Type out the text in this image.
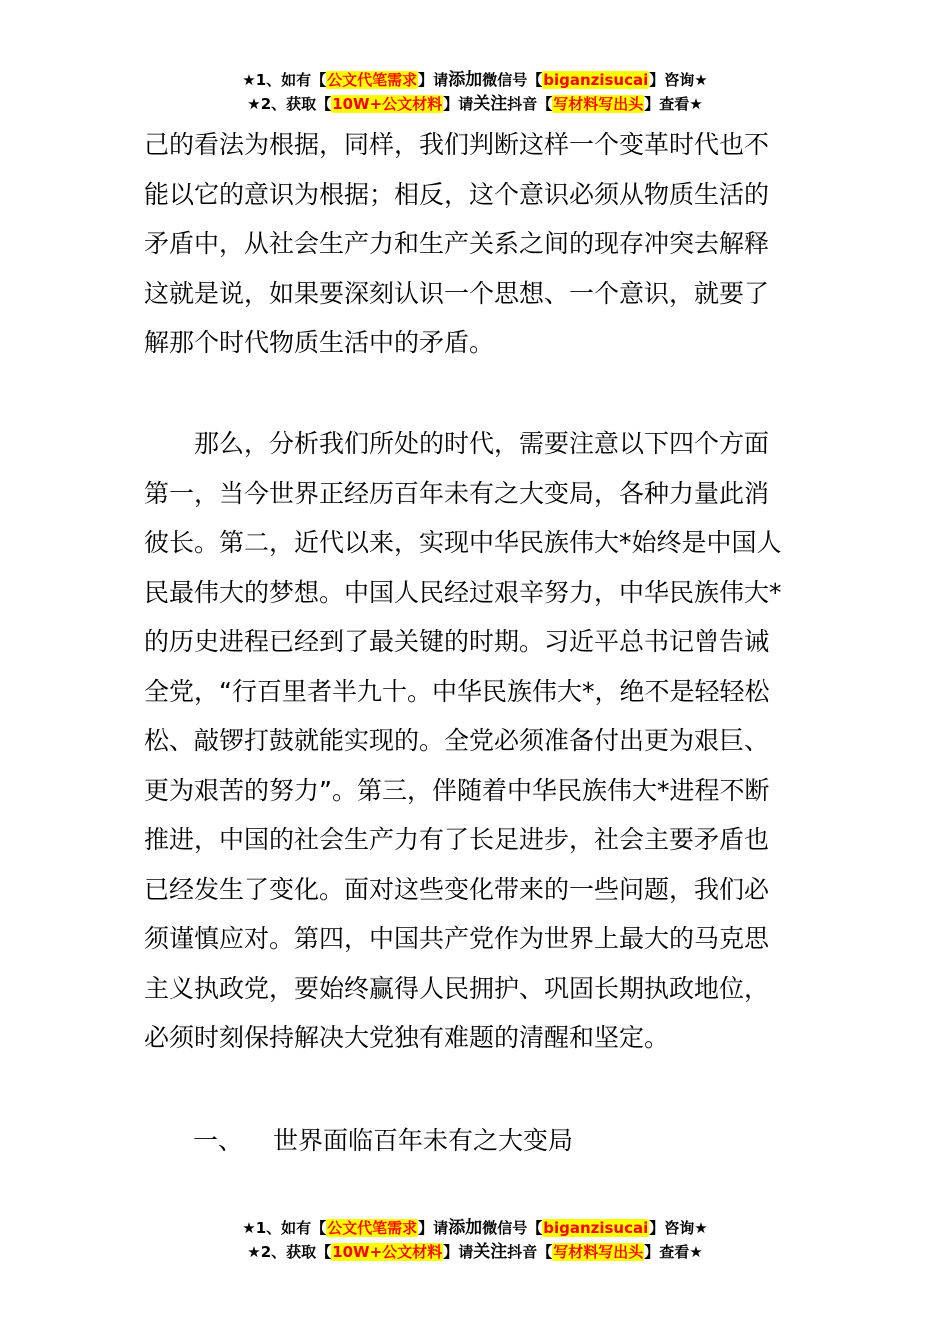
★1、如有【公文代笔需求】请添加微信号【biganzisucai】咨询★
★2、获取【10W+公文材料】请关注抖音【写材料写出头】查看★
己的看法为根据，同样，我们判断这样一个变革时代也不
能以它的意识为根据；相反，这个意识必须从物质生活的
矛盾中，从社会生产力和生产关系之间的现存冲突去解释
这就是说，如果要深刻认识一个思想、一个意识，就要了
解那个时代物质生活中的矛盾。
那么，分析我们所处的时代，需要注意以下四个方面
第一，当今世界正经历百年未有之大变局，各种力量此消
彼长。第二，近代以来，实现中华民族伟大*始终是中国人
民最伟大的梦想。中国人民经过艰辛努力，中华民族伟大*
的历史进程已经到了最关键的时期。习近平总书记曾告诫
全党，“行百里者半九十。中华民族伟大*，绝不是轻轻松
松、敲锣打鼓就能实现的。全党必须准备付出更为艰巨、
更为艰苦的努力”。第三，伴随着中华民族伟大*进程不断
推进，中国的社会生产力有了长足进步，社会主要矛盾也
已经发生了变化。面对这些变化带来的一些问题，我们必
须谨慎应对。第四，中国共产党作为世界上最大的马克思
主义执政党，要始终赢得人民拥护、巩固长期执政地位，
必须时刻保持解决大党独有难题的清醒和坚定。
一、 世界面临百年未有之大变局
★1、如有【公文代笔需求】请添加微信号【biganzisucai】咨询★
★2、获取【10W+公文材料】请关注抖音【写材料写出头】查看★
